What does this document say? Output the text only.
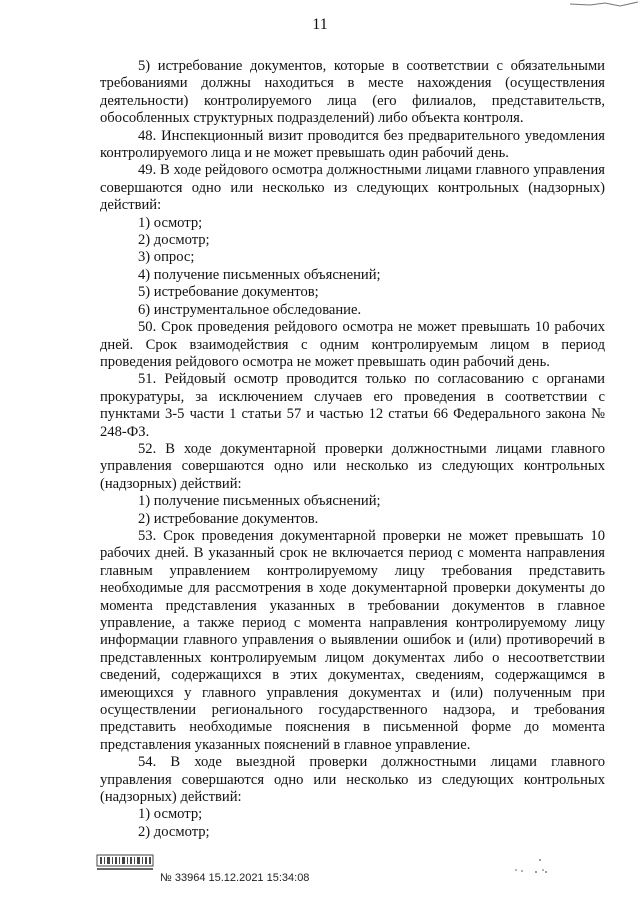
11

5) истребование документов, которые в соответствии с обязательными требованиями должны находиться в месте нахождения (осуществления деятельности) контролируемого лица (его филиалов, представительств, обособленных структурных подразделений) либо объекта контроля.

48. Инспекционный визит проводится без предварительного уведомления контролируемого лица и не может превышать один рабочий день.

49. В ходе рейдового осмотра должностными лицами главного управления совершаются одно или несколько из следующих контрольных (надзорных) действий:

1) осмотр;

2) досмотр;

3) опрос;

4) получение письменных объяснений;

5) истребование документов;

6) инструментальное обследование.

50. Срок проведения рейдового осмотра не может превышать 10 рабочих дней. Срок взаимодействия с одним контролируемым лицом в период проведения рейдового осмотра не может превышать один рабочий день.

51. Рейдовый осмотр проводится только по согласованию с органами прокуратуры, за исключением случаев его проведения в соответствии с пунктами 3-5 части 1 статьи 57 и частью 12 статьи 66 Федерального закона № 248-ФЗ.

52. В ходе документарной проверки должностными лицами главного управления совершаются одно или несколько из следующих контрольных (надзорных) действий:

1) получение письменных объяснений;

2) истребование документов.

53. Срок проведения документарной проверки не может превышать 10 рабочих дней. В указанный срок не включается период с момента направления главным управлением контролируемому лицу требования представить необходимые для рассмотрения в ходе документарной проверки документы до момента представления указанных в требовании документов в главное управление, а также период с момента направления контролируемому лицу информации главного управления о выявлении ошибок и (или) противоречий в представленных контролируемым лицом документах либо о несоответствии сведений, содержащихся в этих документах, сведениям, содержащимся в имеющихся у главного управления документах и (или) полученным при осуществлении регионального государственного надзора, и требования представить необходимые пояснения в письменной форме до момента представления указанных пояснений в главное управление.

54. В ходе выездной проверки должностными лицами главного управления совершаются одно или несколько из следующих контрольных (надзорных) действий:

1) осмотр;

2) досмотр;

№ 33964 15.12.2021 15:34:08
